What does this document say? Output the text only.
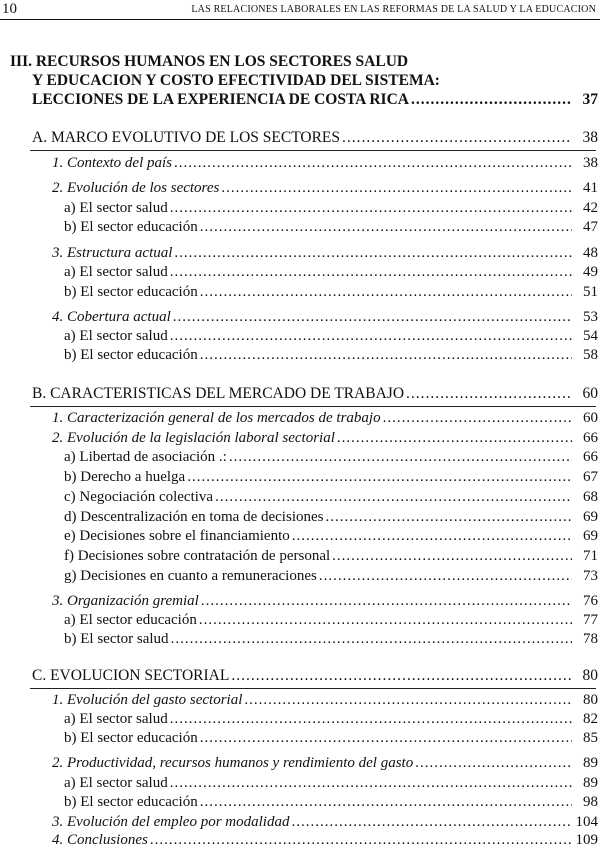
10	LAS RELACIONES LABORALES EN LAS REFORMAS DE LA SALUD Y LA EDUCACION
III. RECURSOS HUMANOS EN LOS SECTORES SALUD
Y EDUCACION Y COSTO EFECTIVIDAD DEL SISTEMA:
LECCIONES DE LA EXPERIENCIA DE COSTA RICA .....	37
A. MARCO EVOLUTIVO DE LOS SECTORES .....	38
1. Contexto del país .....	38
2. Evolución de los sectores .....	41
a) El sector salud .....	42
b) El sector educación .....	47
3. Estructura actual .....	48
a) El sector salud .....	49
b) El sector educación .....	51
4. Cobertura actual .....	53
a) El sector salud .....	54
b) El sector educación .....	58
B. CARACTERISTICAS DEL MERCADO DE TRABAJO .....	60
1. Caracterización general de los mercados de trabajo .....	60
2. Evolución de la legislación laboral sectorial .....	66
a) Libertad de asociación .: .....	66
b) Derecho a huelga .....	67
c) Negociación colectiva .....	68
d) Descentralización en toma de decisiones .....	69
e) Decisiones sobre el financiamiento .....	69
f) Decisiones sobre contratación de personal .....	71
g) Decisiones en cuanto a remuneraciones .....	73
3. Organización gremial .....	76
a) El sector educación .....	77
b) El sector salud .....	78
C. EVOLUCION SECTORIAL .....	80
1. Evolución del gasto sectorial .....	80
a) El sector salud .....	82
b) El sector educación .....	85
2. Productividad, recursos humanos y rendimiento del gasto .....	89
a) El sector salud .....	89
b) El sector educación .....	98
3. Evolución del empleo por modalidad .....	104
4. Conclusiones .....	109
